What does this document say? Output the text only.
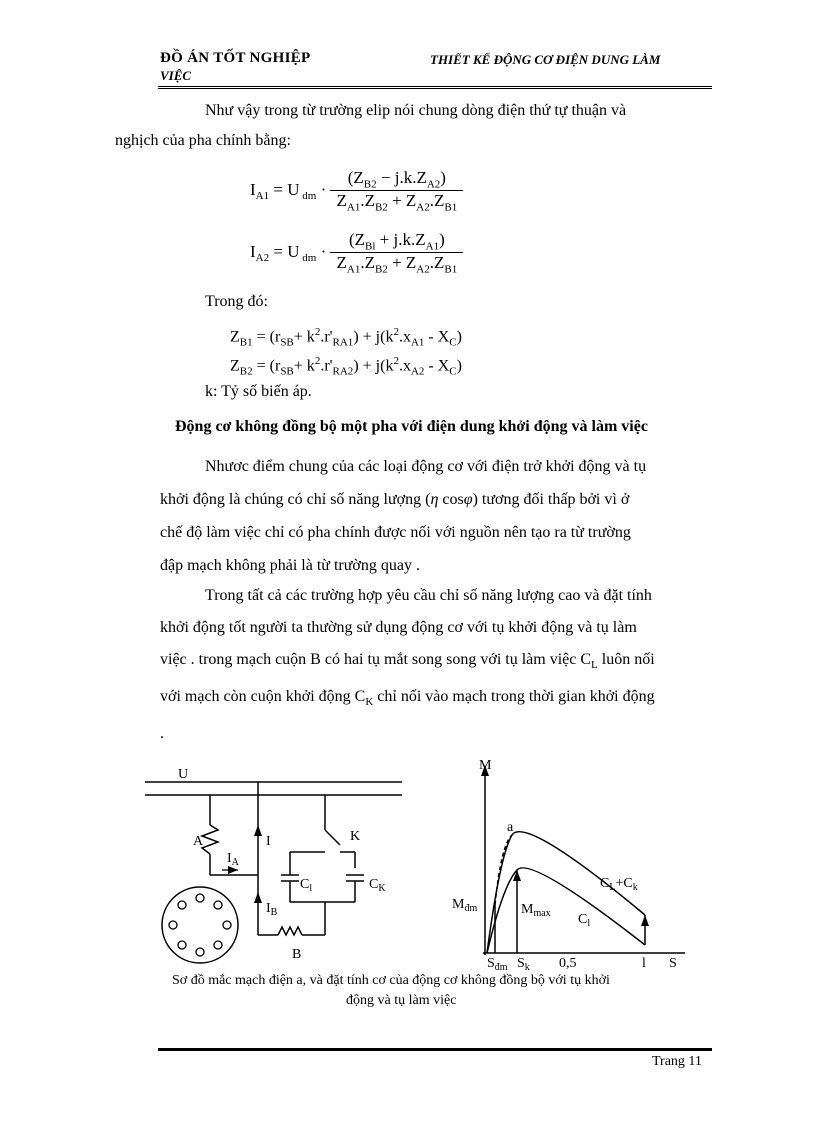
ĐỒ ÁN TỐT NGHIỆP
VIỆC
THIẾT KẾ ĐỘNG CƠ ĐIỆN DUNG LÀM
Như vậy trong từ trường elip nói chung dòng điện thứ tự thuận và
nghịch của pha chính bằng:
$I_{A1} = U$ $_{dm} \cdot \frac{(Z_{B2} - j.k.Z_{A2})}{Z_{A1}.Z_{B2} + Z_{A2}.Z_{B1}}$
$I_{A2} = U$ $_{dm} \cdot \frac{(Z_{Bl} + j.k.Z_{A1})}{Z_{A1}.Z_{B2} + Z_{A2}.Z_{B1}}$
Trong đó:
$Z_{B1} = (r_{SB}+ k^2.r'_{RA1}) + j(k^2.x_{A1} - X_C)$
$Z_{B2} = (r_{SB}+ k^2.r'_{RA2}) + j(k^2.x_{A2} - X_C)$
k: Tỷ số biến áp.
Động cơ không đồng bộ một pha với điện dung khởi động và làm việc
Nhươc điểm chung của các loại động cơ với điện trở khởi động và tụ
khởi động là chúng có chỉ số năng lượng (η cosφ) tương đối thấp bởi vì ở
chế độ làm việc chỉ có pha chính được nối với nguồn nên tạo ra từ trường
đập mạch không phải là từ trường quay .
Trong tất cả các trường hợp yêu cầu chỉ số năng lượng cao và đặt tính
khởi động tốt người ta thường sử dụng động cơ với tụ khởi động và tụ làm
việc . trong mạch cuộn B có hai tụ mắt song song với tụ làm việc $C_L$ luôn nối
với mạch còn cuộn khởi động $C_K$ chỉ nối vào mạch trong thời gian khởi động
.
U
A
$I_A$
I	K
$C_l$	$C_K$
$I_B$
B
M
a
$C_L+C_k$
$M_{đm}$	$M_{max}$ $C_l$
$S_{đm}$ $S_k$ 0,5	l S
Sơ đồ mắc mạch điện a, và đặt tính cơ của động cơ không đồng bộ với tụ khởi
động và tụ làm việc
Trang 11
